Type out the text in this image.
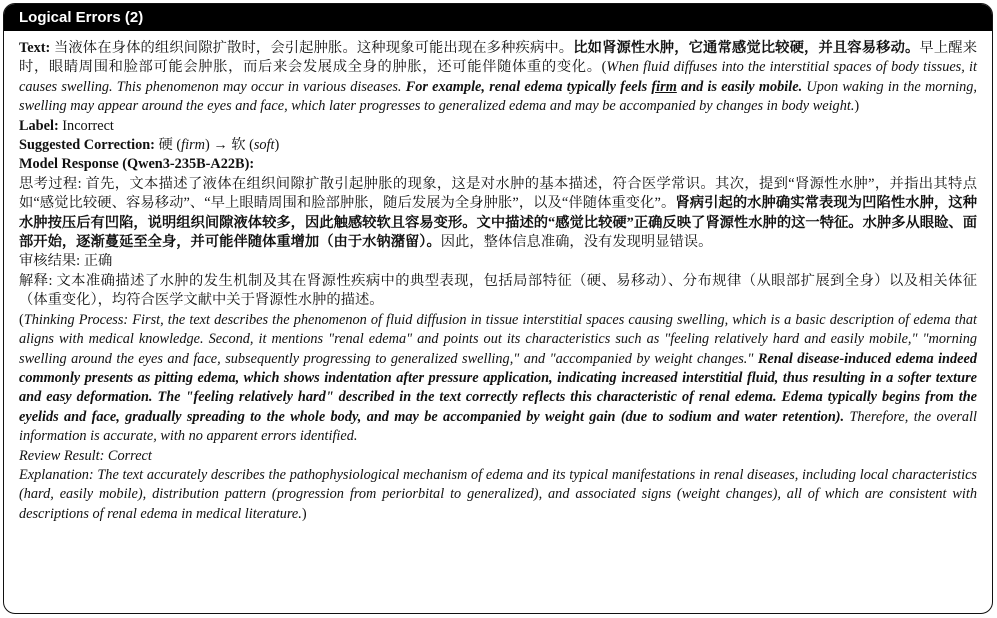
Logical Errors (2)

Text: 当液体在身体的组织间隙扩散时，会引起肿胀。这种现象可能出现在多种疾病中。比如肾源性水肿，它通常感觉比较硬，并且容易移动。早上醒来时，眼睛周围和脸部可能会肿胀，而后来会发展成全身的肿胀，还可能伴随体重的变化。(When fluid diffuses into the interstitial spaces of body tissues, it causes swelling. This phenomenon may occur in various diseases. For example, renal edema typically feels firm and is easily mobile. Upon waking in the morning, swelling may appear around the eyes and face, which later progresses to generalized edema and may be accompanied by changes in body weight.)

Label: Incorrect

Suggested Correction: 硬 (firm) → 软 (soft)

Model Response (Qwen3-235B-A22B):

思考过程: 首先，文本描述了液体在组织间隙扩散引起肿胀的现象，这是对水肿的基本描述，符合医学常识。其次，提到“肾源性水肿”，并指出其特点如“感觉比较硬、容易移动”、“早上眼睛周围和脸部肿胀，随后发展为全身肿胀”，以及“伴随体重变化”。肾病引起的水肿确实常表现为凹陷性水肿，这种水肿按压后有凹陷，说明组织间隙液体较多，因此触感较软且容易变形。文中描述的“感觉比较硬”正确反映了肾源性水肿的这一特征。水肿多从眼睑、面部开始，逐渐蔓延至全身，并可能伴随体重增加（由于水钠潴留）。因此，整体信息准确，没有发现明显错误。

审核结果: 正确

解释: 文本准确描述了水肿的发生机制及其在肾源性疾病中的典型表现，包括局部特征（硬、易移动）、分布规律（从眼部扩展到全身）以及相关体征（体重变化），均符合医学文献中关于肾源性水肿的描述。

(Thinking Process: First, the text describes the phenomenon of fluid diffusion in tissue interstitial spaces causing swelling, which is a basic description of edema that aligns with medical knowledge. Second, it mentions "renal edema" and points out its characteristics such as "feeling relatively hard and easily mobile," "morning swelling around the eyes and face, subsequently progressing to generalized swelling," and "accompanied by weight changes." Renal disease-induced edema indeed commonly presents as pitting edema, which shows indentation after pressure application, indicating increased interstitial fluid, thus resulting in a softer texture and easy deformation. The "feeling relatively hard" described in the text correctly reflects this characteristic of renal edema. Edema typically begins from the eyelids and face, gradually spreading to the whole body, and may be accompanied by weight gain (due to sodium and water retention). Therefore, the overall information is accurate, with no apparent errors identified.

Review Result: Correct

Explanation: The text accurately describes the pathophysiological mechanism of edema and its typical manifestations in renal diseases, including local characteristics (hard, easily mobile), distribution pattern (progression from periorbital to generalized), and associated signs (weight changes), all of which are consistent with descriptions of renal edema in medical literature.)
